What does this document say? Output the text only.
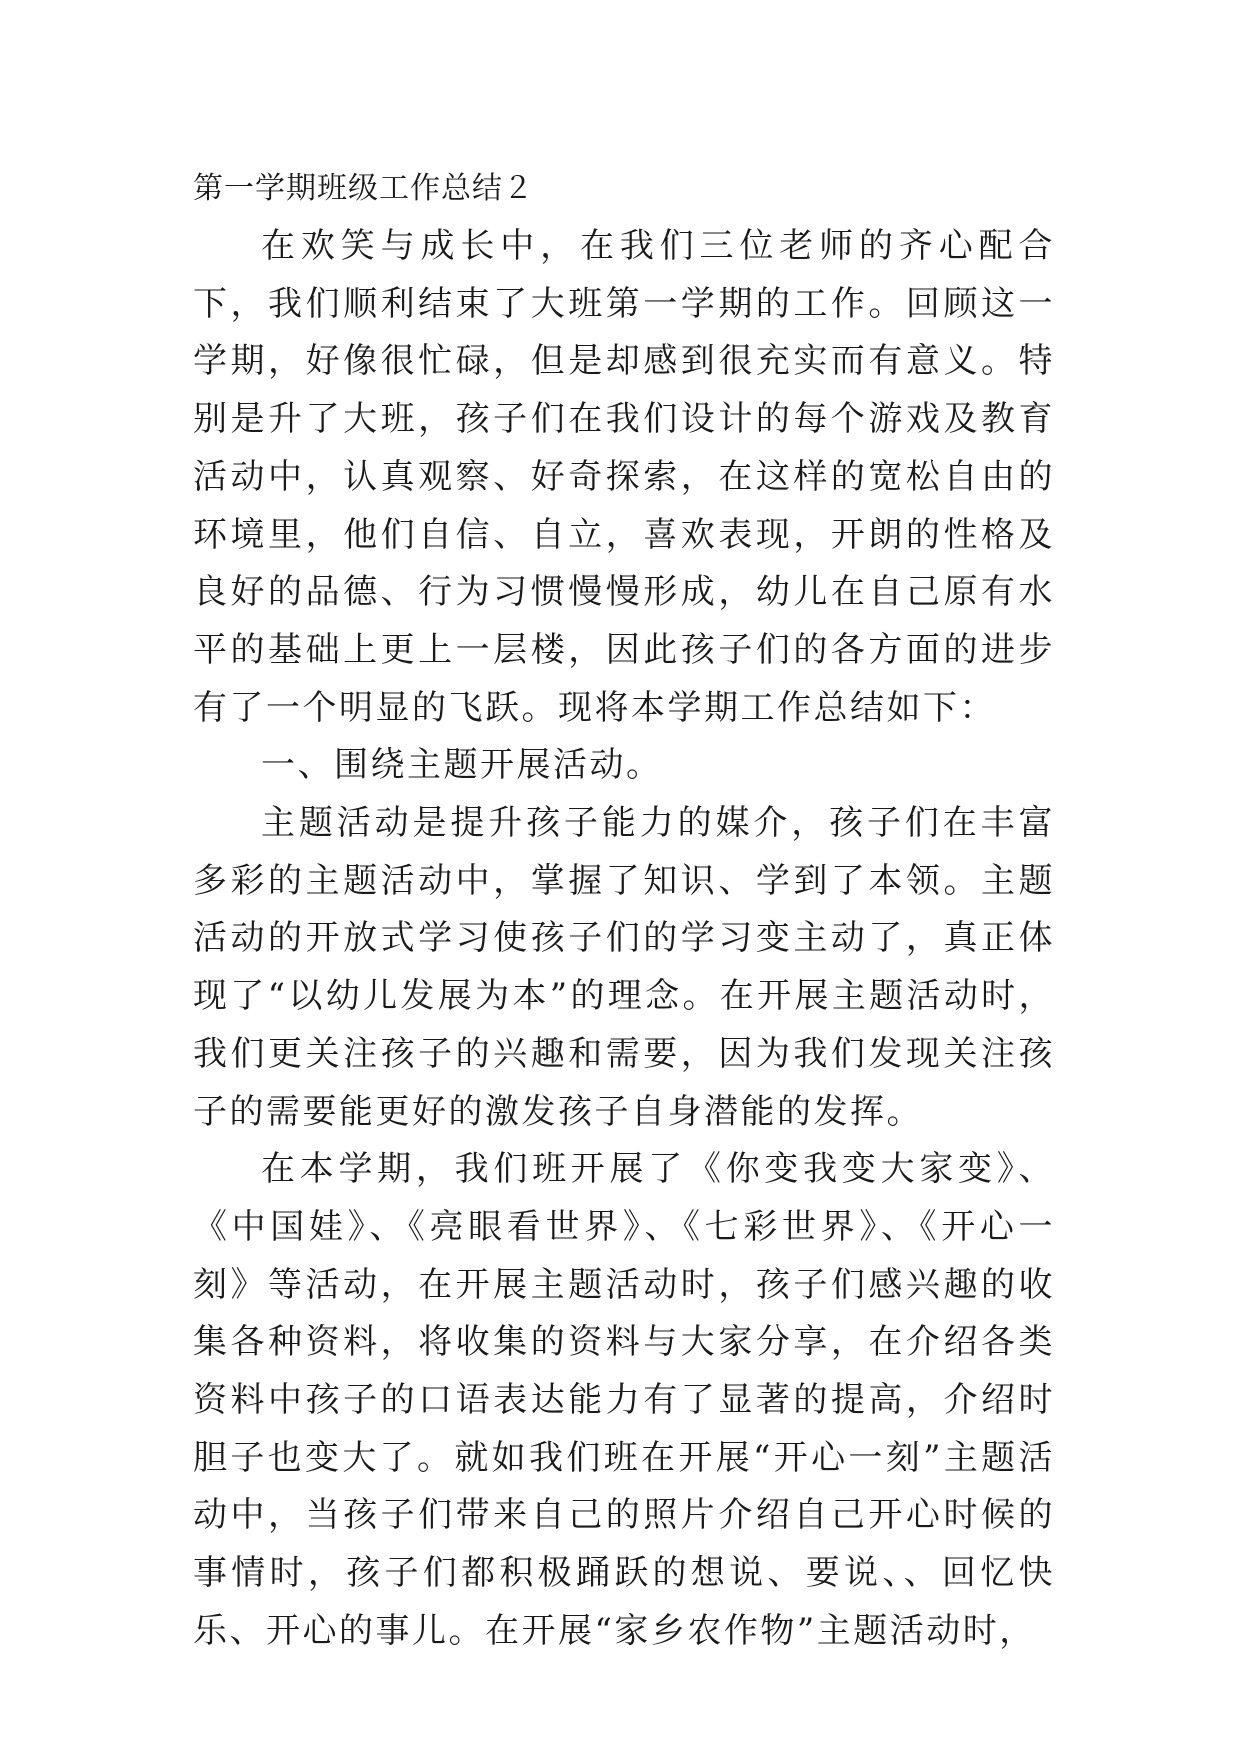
第一学期班级工作总结２

在欢笑与成长中，在我们三位老师的齐心配合下，我们顺利结束了大班第一学期的工作。回顾这一学期，好像很忙碌，但是却感到很充实而有意义。特别是升了大班，孩子们在我们设计的每个游戏及教育活动中，认真观察、好奇探索，在这样的宽松自由的环境里，他们自信、自立，喜欢表现，开朗的性格及良好的品德、行为习惯慢慢形成，幼儿在自己原有水平的基础上更上一层楼，因此孩子们的各方面的进步有了一个明显的飞跃。现将本学期工作总结如下：

一、围绕主题开展活动。

主题活动是提升孩子能力的媒介，孩子们在丰富多彩的主题活动中，掌握了知识、学到了本领。主题活动的开放式学习使孩子们的学习变主动了，真正体现了“以幼儿发展为本”的理念。在开展主题活动时，我们更关注孩子的兴趣和需要，因为我们发现关注孩子的需要能更好的激发孩子自身潜能的发挥。

在本学期，我们班开展了《你变我变大家变》、《中国娃》、《亮眼看世界》、《七彩世界》、《开心一刻》等活动，在开展主题活动时，孩子们感兴趣的收集各种资料，将收集的资料与大家分享，在介绍各类资料中孩子的口语表达能力有了显著的提高，介绍时胆子也变大了。就如我们班在开展“开心一刻”主题活动中，当孩子们带来自己的照片介绍自己开心时候的事情时，孩子们都积极踊跃的想说、要说、、回忆快乐、开心的事儿。在开展“家乡农作物”主题活动时，
